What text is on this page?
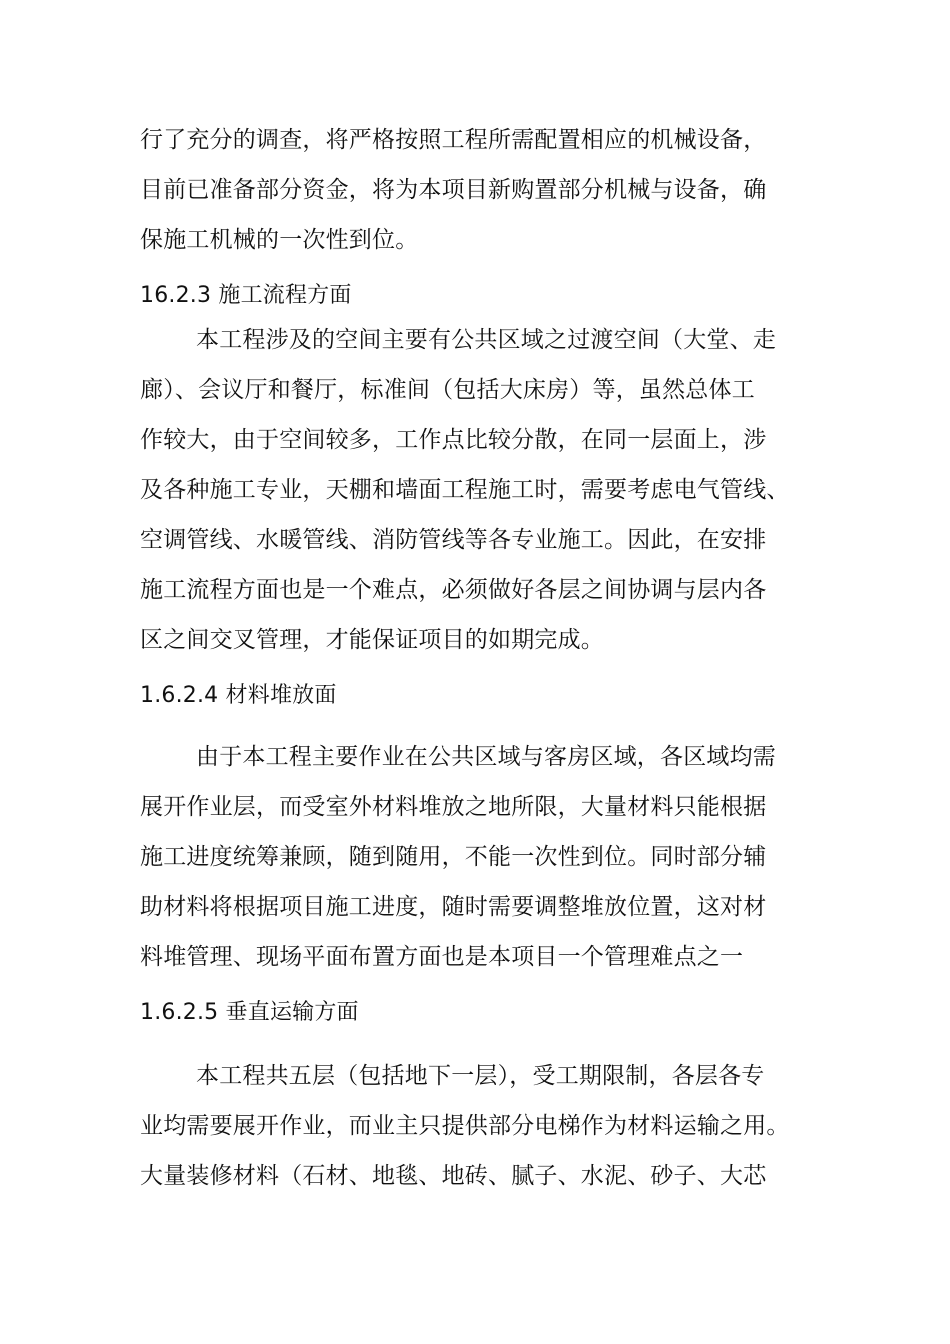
行了充分的调查，将严格按照工程所需配置相应的机械设备，
目前已准备部分资金，将为本项目新购置部分机械与设备，确
保施工机械的一次性到位。
16.2.3 施工流程方面
本工程涉及的空间主要有公共区域之过渡空间（大堂、走
廊）、会议厅和餐厅，标准间（包括大床房）等，虽然总体工
作较大，由于空间较多，工作点比较分散，在同一层面上，涉
及各种施工专业，天棚和墙面工程施工时，需要考虑电气管线、
空调管线、水暖管线、消防管线等各专业施工。因此，在安排
施工流程方面也是一个难点，必须做好各层之间协调与层内各
区之间交叉管理，才能保证项目的如期完成。
1.6.2.4 材料堆放面
由于本工程主要作业在公共区域与客房区域，各区域均需
展开作业层，而受室外材料堆放之地所限，大量材料只能根据
施工进度统筹兼顾，随到随用，不能一次性到位。同时部分辅
助材料将根据项目施工进度，随时需要调整堆放位置，这对材
料堆管理、现场平面布置方面也是本项目一个管理难点之一
1.6.2.5 垂直运输方面
本工程共五层（包括地下一层），受工期限制，各层各专
业均需要展开作业，而业主只提供部分电梯作为材料运输之用。
大量装修材料（石材、地毯、地砖、腻子、水泥、砂子、大芯
